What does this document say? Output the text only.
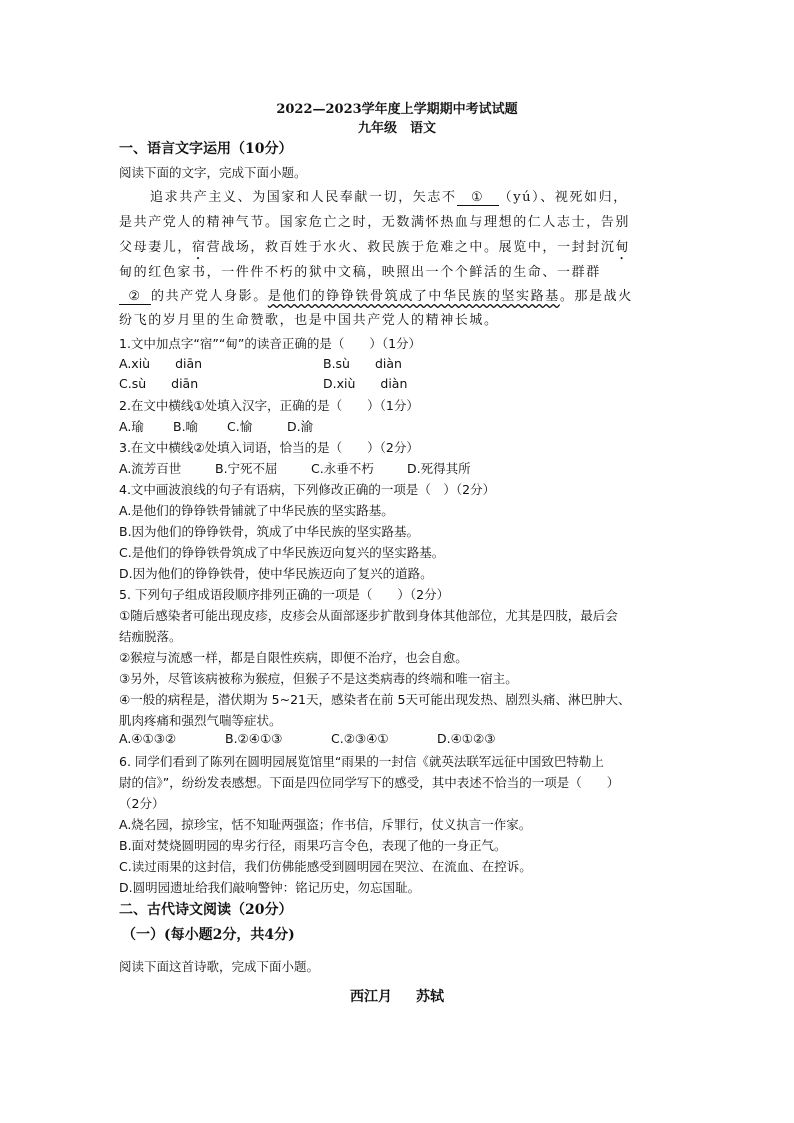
2022—2023学年度上学期期中考试试题
九年级　语文
一、语言文字运用（10分）
阅读下面的文字，完成下面小题。
追求共产主义、为国家和人民奉献一切，矢志不 ① （yú）、视死如归，
是共产党人的精神气节。国家危亡之时，无数满怀热血与理想的仁人志士，告别
父母妻儿，宿营战场，救百姓于水火、救民族于危难之中。展览中，一封封沉甸
甸的红色家书，一件件不朽的狱中文稿，映照出一个个鲜活的生命、一群群
② 的共产党人身影。是他们的铮铮铁骨筑成了中华民族的坚实路基。那是战火
纷飞的岁月里的生命赞歌，也是中国共产党人的精神长城。
1.文中加点字“宿”“甸”的读音正确的是（　　）（1分）
A.xiù　　diān	B.sù　　diàn
C.sù　　diān	D.xiù　　diàn
2.在文中横线①处填入汉字，正确的是（　　）（1分）
A.瑜 B.喻 C.愉	D.渝
3.在文中横线②处填入词语，恰当的是（　　）（2分）
A.流芳百世	B.宁死不屈	C.永垂不朽	D.死得其所
4.文中画波浪线的句子有语病，下列修改正确的一项是（　）（2分）
A.是他们的铮铮铁骨铺就了中华民族的坚实路基。
B.因为他们的铮铮铁骨，筑成了中华民族的坚实路基。
C.是他们的铮铮铁骨筑成了中华民族迈向复兴的坚实路基。
D.因为他们的铮铮铁骨，使中华民族迈向了复兴的道路。
5. 下列句子组成语段顺序排列正确的一项是（　　）（2分）
①随后感染者可能出现皮疹，皮疹会从面部逐步扩散到身体其他部位，尤其是四肢，最后会
结痂脱落。
②猴痘与流感一样，都是自限性疾病，即便不治疗，也会自愈。
③另外，尽管该病被称为猴痘，但猴子不是这类病毒的终端和唯一宿主。
④一般的病程是，潜伏期为 5~21天，感染者在前 5天可能出现发热、剧烈头痛、淋巴肿大、
肌肉疼痛和强烈气喘等症状。
A.④①③②	B.②④①③	C.②③④①	D.④①②③
6. 同学们看到了陈列在圆明园展览馆里“雨果的一封信《就英法联军远征中国致巴特勒上
尉的信》”，纷纷发表感想。下面是四位同学写下的感受，其中表述不恰当的一项是（　　）
（2分）
A.烧名园，掠珍宝，恬不知耻两强盗；作书信，斥罪行，仗义执言一作家。
B.面对焚烧圆明园的卑劣行径，雨果巧言令色，表现了他的一身正气。
C.读过雨果的这封信，我们仿佛能感受到圆明园在哭泣、在流血、在控诉。
D.圆明园遗址给我们敲响警钟：铭记历史，勿忘国耻。
二、古代诗文阅读（20分）
（一）(每小题2分，共4分)
阅读下面这首诗歌，完成下面小题。
西江月 苏轼
